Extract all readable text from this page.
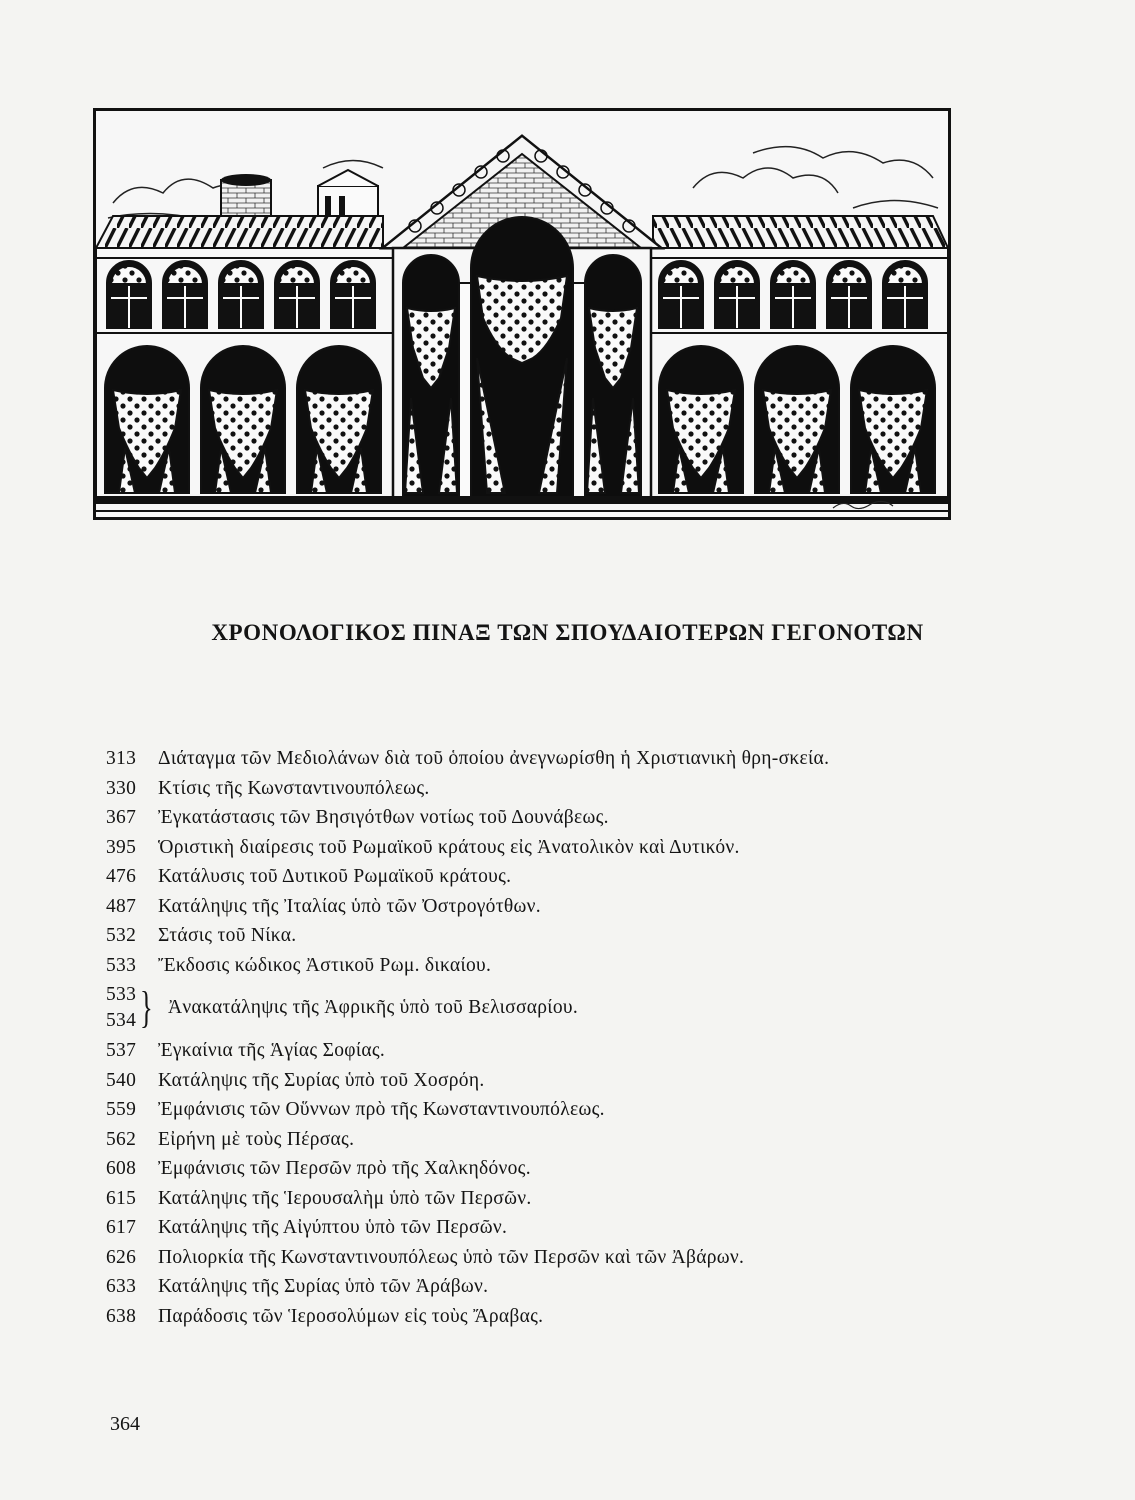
ΧΡΟΝΟΛΟΓΙΚΟΣ ΠΙΝΑΞ ΤΩΝ ΣΠΟΥΔΑΙΟΤΕΡΩΝ ΓΕΓΟΝΟΤΩΝ
313	Διάταγμα τῶν Μεδιολάνων διὰ τοῦ ὁποίου ἀνεγνωρίσθη ἡ Χριστιανικὴ θρη-σκεία.
330	Κτίσις τῆς Κωνσταντινουπόλεως.
367	Ἐγκατάστασις τῶν Βησιγότθων νοτίως τοῦ Δουνάβεως.
395	Ὁριστικὴ διαίρεσις τοῦ Ρωμαϊκοῦ κράτους εἰς Ἀνατολικὸν καὶ Δυτικόν.
476	Κατάλυσις τοῦ Δυτικοῦ Ρωμαϊκοῦ κράτους.
487	Κατάληψις τῆς Ἰταλίας ὑπὸ τῶν Ὀστρογότθων.
532	Στάσις τοῦ Νίκα.
533	Ἔκδοσις κώδικος Ἀστικοῦ Ρωμ. δικαίου.
533
534 } Ἀνακατάληψις τῆς Ἀφρικῆς ὑπὸ τοῦ Βελισσαρίου.
537	Ἐγκαίνια τῆς Ἁγίας Σοφίας.
540	Κατάληψις τῆς Συρίας ὑπὸ τοῦ Χοσρόη.
559	Ἐμφάνισις τῶν Οὕννων πρὸ τῆς Κωνσταντινουπόλεως.
562	Εἰρήνη μὲ τοὺς Πέρσας.
608	Ἐμφάνισις τῶν Περσῶν πρὸ τῆς Χαλκηδόνος.
615	Κατάληψις τῆς Ἱερουσαλὴμ ὑπὸ τῶν Περσῶν.
617	Κατάληψις τῆς Αἰγύπτου ὑπὸ τῶν Περσῶν.
626	Πολιορκία τῆς Κωνσταντινουπόλεως ὑπὸ τῶν Περσῶν καὶ τῶν Ἀβάρων.
633	Κατάληψις τῆς Συρίας ὑπὸ τῶν Ἀράβων.
638	Παράδοσις τῶν Ἱεροσολύμων εἰς τοὺς Ἄραβας.
364
